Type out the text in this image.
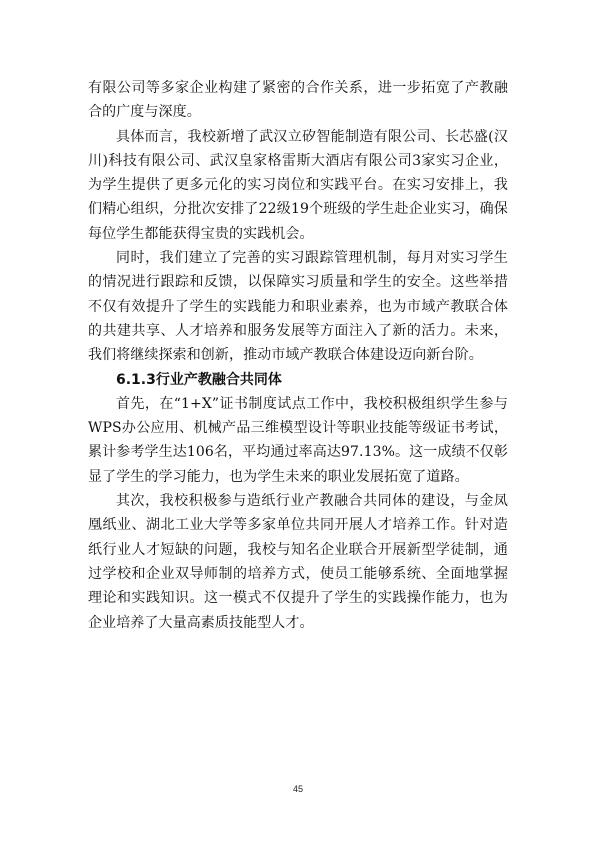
有限公司等多家企业构建了紧密的合作关系，进一步拓宽了产教融合的广度与深度。

具体而言，我校新增了武汉立矽智能制造有限公司、长芯盛(汉川)科技有限公司、武汉皇家格雷斯大酒店有限公司3家实习企业，为学生提供了更多元化的实习岗位和实践平台。在实习安排上，我们精心组织，分批次安排了22级19个班级的学生赴企业实习，确保每位学生都能获得宝贵的实践机会。

同时，我们建立了完善的实习跟踪管理机制，每月对实习学生的情况进行跟踪和反馈，以保障实习质量和学生的安全。这些举措不仅有效提升了学生的实践能力和职业素养，也为市域产教联合体的共建共享、人才培养和服务发展等方面注入了新的活力。未来，我们将继续探索和创新，推动市域产教联合体建设迈向新台阶。

6.1.3行业产教融合共同体

首先，在“1+X”证书制度试点工作中，我校积极组织学生参与WPS办公应用、机械产品三维模型设计等职业技能等级证书考试，累计参考学生达106名，平均通过率高达97.13%。这一成绩不仅彰显了学生的学习能力，也为学生未来的职业发展拓宽了道路。

其次，我校积极参与造纸行业产教融合共同体的建设，与金凤凰纸业、湖北工业大学等多家单位共同开展人才培养工作。针对造纸行业人才短缺的问题，我校与知名企业联合开展新型学徒制，通过学校和企业双导师制的培养方式，使员工能够系统、全面地掌握理论和实践知识。这一模式不仅提升了学生的实践操作能力，也为企业培养了大量高素质技能型人才。

45
